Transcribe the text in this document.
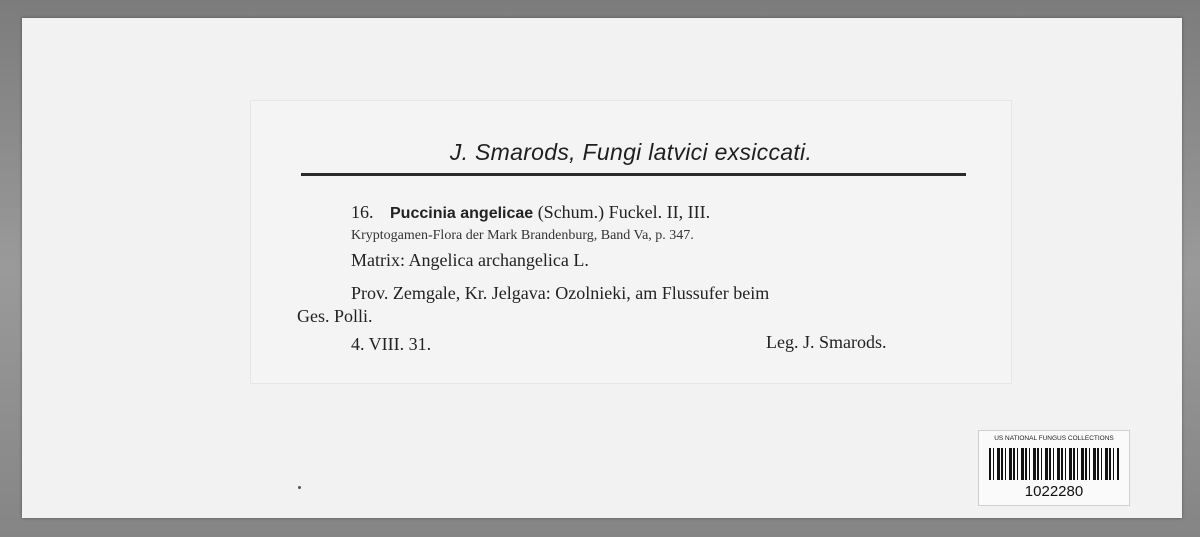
J. Smarods, Fungi latvici exsiccati.
16. Puccinia angelicae (Schum.) Fuckel. II, III.
Kryptogamen-Flora der Mark Brandenburg, Band Va, p. 347.
Matrix: Angelica archangelica L.
Prov. Zemgale, Kr. Jelgava: Ozolnieki, am Flussufer beim
Ges. Polli.
4. VIII. 31.	Leg. J. Smarods.
US NATIONAL FUNGUS COLLECTIONS
1022280
